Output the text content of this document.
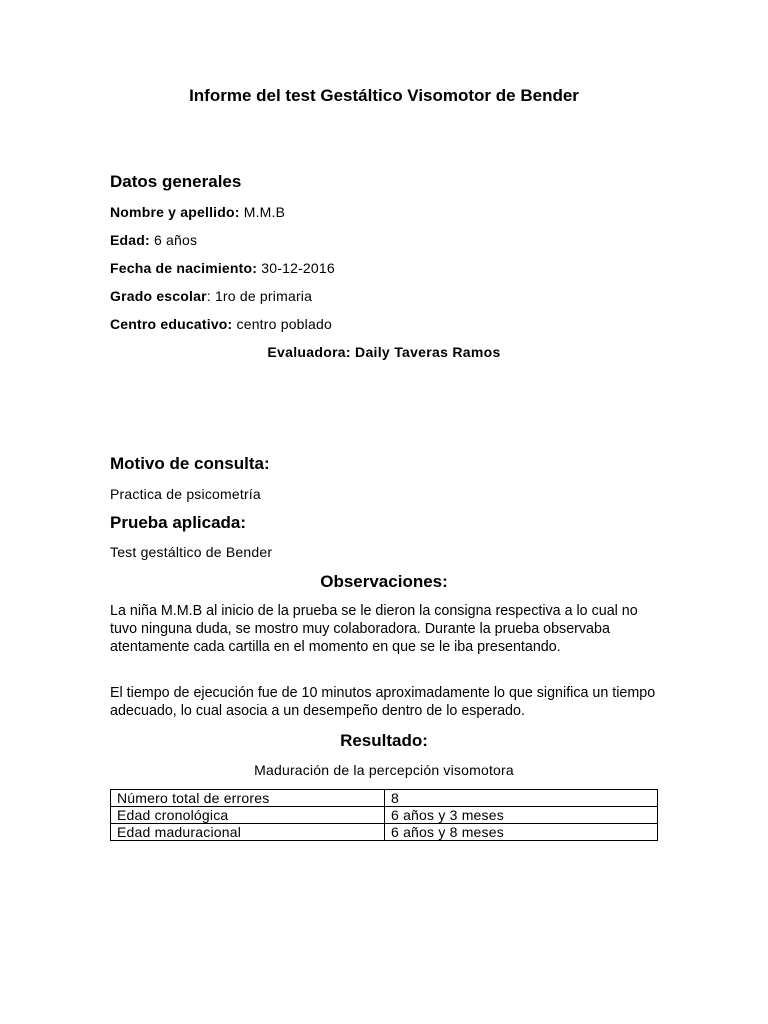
Informe del test Gestáltico Visomotor de Bender
Datos generales
Nombre y apellido: M.M.B
Edad: 6 años
Fecha de nacimiento: 30-12-2016
Grado escolar: 1ro de primaria
Centro educativo: centro poblado
Evaluadora: Daily Taveras Ramos
Motivo de consulta:
Practica de psicometría
Prueba aplicada:
Test gestáltico de Bender
Observaciones:
La niña M.M.B al inicio de la prueba se le dieron la consigna respectiva a lo cual no tuvo ninguna duda, se mostro muy colaboradora. Durante la prueba observaba atentamente cada cartilla en el momento en que se le iba presentando.
El tiempo de ejecución fue de 10 minutos aproximadamente lo que significa un tiempo adecuado, lo cual asocia a un desempeño dentro de lo esperado.
Resultado:
Maduración de la percepción visomotora
Número total de errores	8
Edad cronológica	6 años y 3 meses
Edad maduracional	6 años y 8 meses
